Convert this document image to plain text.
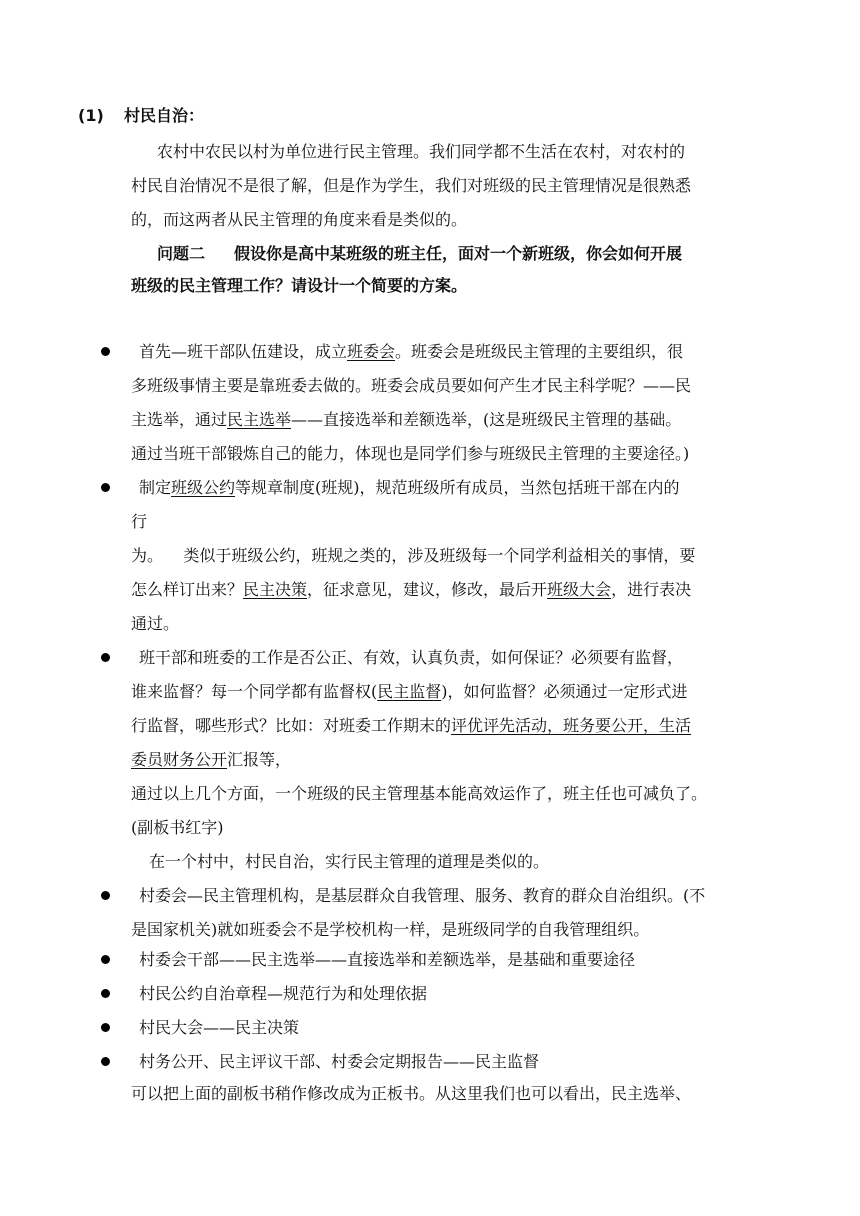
(1) 村民自治：
农村中农民以村为单位进行民主管理。我们同学都不生活在农村，对农村的
村民自治情况不是很了解，但是作为学生，我们对班级的民主管理情况是很熟悉
的，而这两者从民主管理的角度来看是类似的。
问题二 假设你是高中某班级的班主任，面对一个新班级，你会如何开展
班级的民主管理工作？请设计一个简要的方案。
首先—班干部队伍建设，成立班委会。班委会是班级民主管理的主要组织，很
多班级事情主要是靠班委去做的。班委会成员要如何产生才民主科学呢？——民
主选举，通过民主选举——直接选举和差额选举，(这是班级民主管理的基础。
通过当班干部锻炼自己的能力，体现也是同学们参与班级民主管理的主要途径。)
制定班级公约等规章制度(班规)，规范班级所有成员，当然包括班干部在内的
行
为。    类似于班级公约，班规之类的，涉及班级每一个同学利益相关的事情，要
怎么样订出来？民主决策，征求意见，建议，修改，最后开班级大会，进行表决
通过。
班干部和班委的工作是否公正、有效，认真负责，如何保证？必须要有监督，
谁来监督？每一个同学都有监督权(民主监督)，如何监督？必须通过一定形式进
行监督，哪些形式？比如：对班委工作期末的评优评先活动，班务要公开，生活
委员财务公开汇报等，
通过以上几个方面，一个班级的民主管理基本能高效运作了，班主任也可减负了。
(副板书红字)
在一个村中，村民自治，实行民主管理的道理是类似的。
村委会—民主管理机构，是基层群众自我管理、服务、教育的群众自治组织。(不
是国家机关)就如班委会不是学校机构一样，是班级同学的自我管理组织。
村委会干部——民主选举——直接选举和差额选举，是基础和重要途径
村民公约自治章程—规范行为和处理依据
村民大会——民主决策
村务公开、民主评议干部、村委会定期报告——民主监督
可以把上面的副板书稍作修改成为正板书。从这里我们也可以看出，民主选举、
